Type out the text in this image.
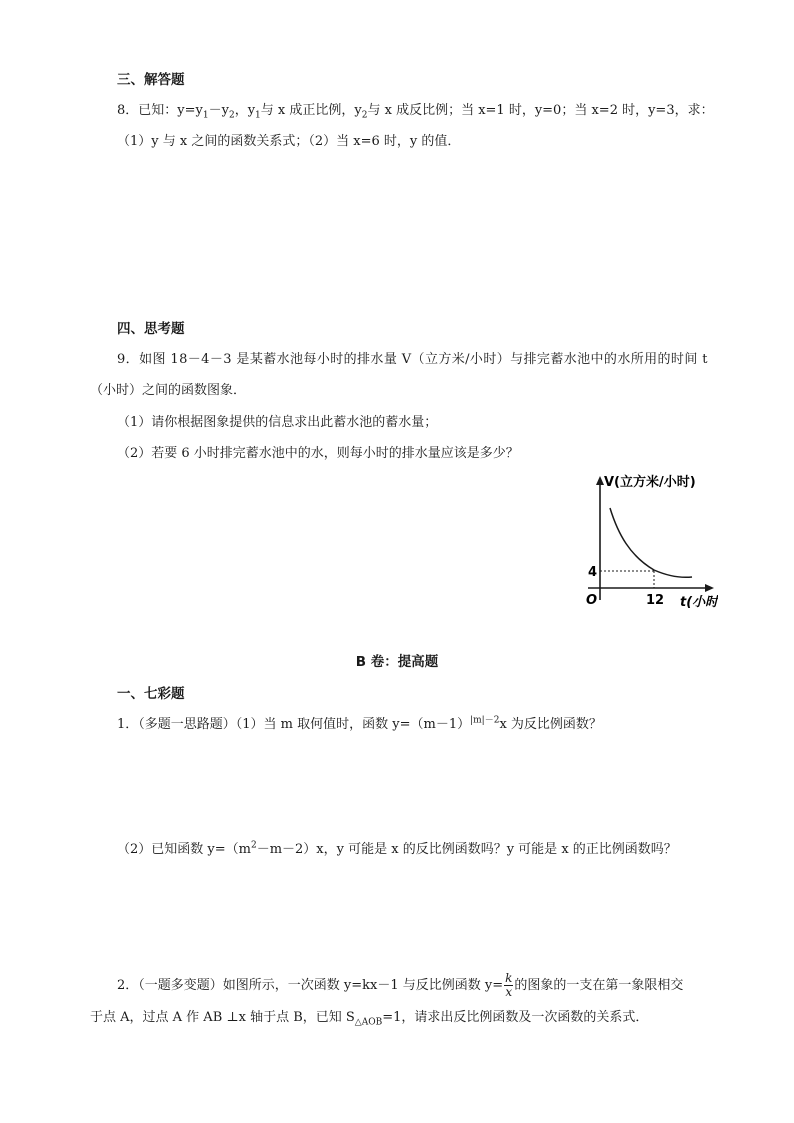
三、解答题
8．已知：$y=y_1-y_2$，$y_1$与 x 成正比例，$y_2$与 x 成反比例；当 x=1 时，y=0；当 x=2 时，y=3，求：
（1）y 与 x 之间的函数关系式；（2）当 x=6 时，y 的值．
四、思考题
9．如图 18－4－3 是某蓄水池每小时的排水量 V（立方米/小时）与排完蓄水池中的水所用的时间 t
（小时）之间的函数图象．
（1）请你根据图象提供的信息求出此蓄水池的蓄水量；
（2）若要 6 小时排完蓄水池中的水，则每小时的排水量应该是多少？
V(立方米/小时)
4
O	12 t(小时
B 卷：提高题
一、七彩题
1．（多题一思路题）（1）当 m 取何值时，函数 $y=(m-1)^{|m|-2}x$ 为反比例函数？
（2）已知函数 $y=(m^2-m-2)x$，y 可能是 x 的反比例函数吗？y 可能是 x 的正比例函数吗？
2．（一题多变题）如图所示，一次函数 y=kx－1 与反比例函数 $y= \frac{k}{x}$ 的图象的一支在第一象限相交
于点 A，过点 A 作 AB ⊥x 轴于点 B，已知 $S_{\triangle AOB}=1$，请求出反比例函数及一次函数的关系式．
